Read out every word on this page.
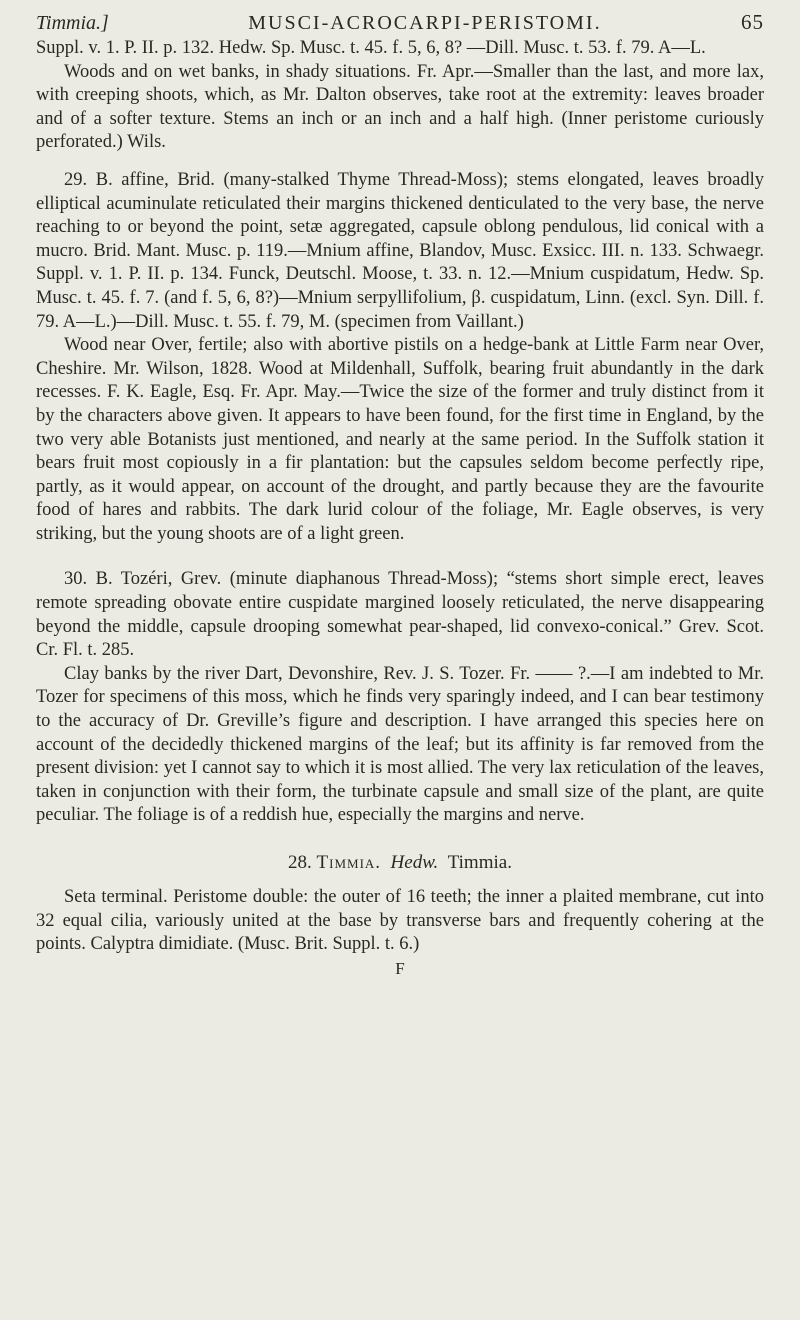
Timmia.]	MUSCI-ACROCARPI-PERISTOMI.	65

Suppl. v. 1. P. II. p. 132. Hedw. Sp. Musc. t. 45. f. 5, 6, 8? —Dill. Musc. t. 53. f. 79. A—L.

Woods and on wet banks, in shady situations. Fr. Apr.—Smaller than the last, and more lax, with creeping shoots, which, as Mr. Dalton observes, take root at the extremity: leaves broader and of a softer texture. Stems an inch or an inch and a half high. (Inner peristome curiously perforated.) Wils.

29. B. affine, Brid. (many-stalked Thyme Thread-Moss); stems elongated, leaves broadly elliptical acuminulate reticulated their margins thickened denticulated to the very base, the nerve reaching to or beyond the point, setæ aggregated, capsule oblong pendulous, lid conical with a mucro. Brid. Mant. Musc. p. 119.—Mnium affine, Blandov, Musc. Exsicc. III. n. 133. Schwaegr. Suppl. v. 1. P. II. p. 134. Funck, Deutschl. Moose, t. 33. n. 12.—Mnium cuspidatum, Hedw. Sp. Musc. t. 45. f. 7. (and f. 5, 6, 8?)—Mnium serpyllifolium, β. cuspidatum, Linn. (excl. Syn. Dill. f. 79. A—L.)—Dill. Musc. t. 55. f. 79, M. (specimen from Vaillant.)

Wood near Over, fertile; also with abortive pistils on a hedge-bank at Little Farm near Over, Cheshire. Mr. Wilson, 1828. Wood at Mildenhall, Suffolk, bearing fruit abundantly in the dark recesses. F. K. Eagle, Esq. Fr. Apr. May.—Twice the size of the former and truly distinct from it by the characters above given. It appears to have been found, for the first time in England, by the two very able Botanists just mentioned, and nearly at the same period. In the Suffolk station it bears fruit most copiously in a fir plantation: but the capsules seldom become perfectly ripe, partly, as it would appear, on account of the drought, and partly because they are the favourite food of hares and rabbits. The dark lurid colour of the foliage, Mr. Eagle observes, is very striking, but the young shoots are of a light green.

30. B. Tozéri, Grev. (minute diaphanous Thread-Moss); “stems short simple erect, leaves remote spreading obovate entire cuspidate margined loosely reticulated, the nerve disappearing beyond the middle, capsule drooping somewhat pear-shaped, lid convexo-conical.” Grev. Scot. Cr. Fl. t. 285.

Clay banks by the river Dart, Devonshire, Rev. J. S. Tozer. Fr. —— ?.—I am indebted to Mr. Tozer for specimens of this moss, which he finds very sparingly indeed, and I can bear testimony to the accuracy of Dr. Greville’s figure and description. I have arranged this species here on account of the decidedly thickened margins of the leaf; but its affinity is far removed from the present division: yet I cannot say to which it is most allied. The very lax reticulation of the leaves, taken in conjunction with their form, the turbinate capsule and small size of the plant, are quite peculiar. The foliage is of a reddish hue, especially the margins and nerve.

28. Timmia. Hedw. Timmia.

Seta terminal. Peristome double: the outer of 16 teeth; the inner a plaited membrane, cut into 32 equal cilia, variously united at the base by transverse bars and frequently cohering at the points. Calyptra dimidiate. (Musc. Brit. Suppl. t. 6.)

F
